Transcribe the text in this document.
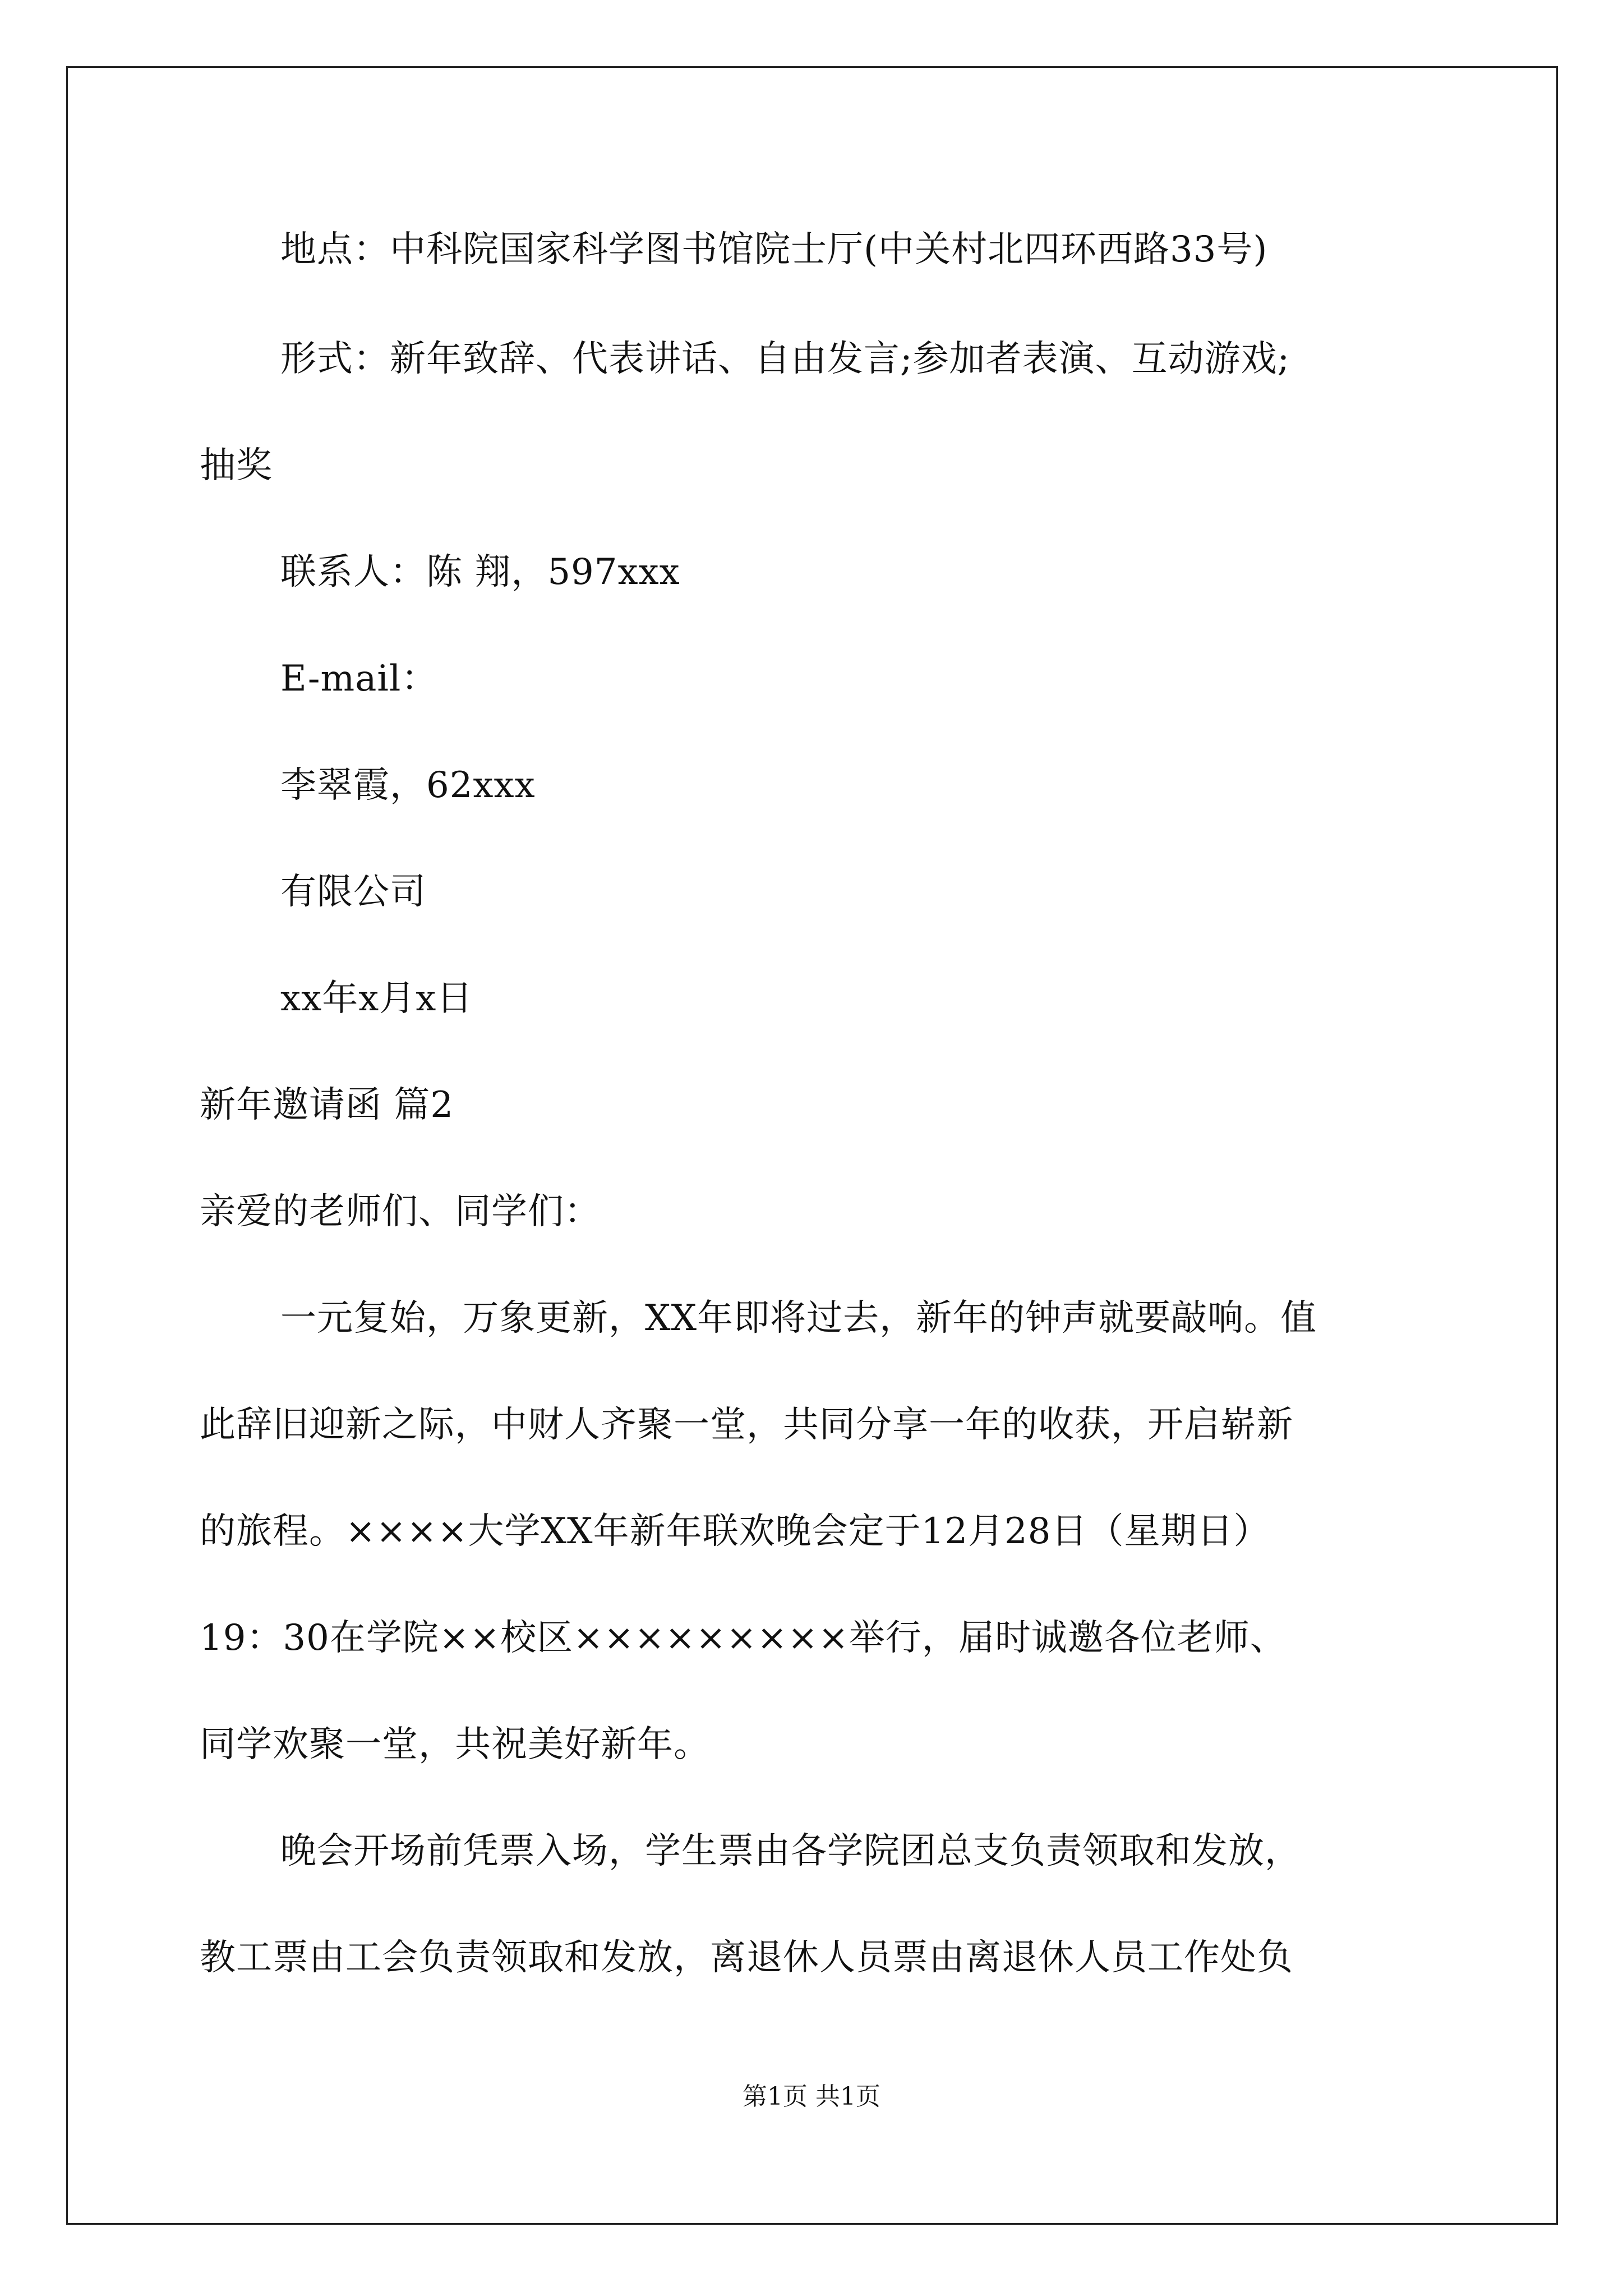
地点：中科院国家科学图书馆院士厅(中关村北四环西路33号)
形式：新年致辞、代表讲话、自由发言;参加者表演、互动游戏;
抽奖
联系人：陈 翔，597xxx
E-mail：
李翠霞，62xxx
有限公司
xx年x月x日
新年邀请函 篇2
亲爱的老师们、同学们：
一元复始，万象更新，XX年即将过去，新年的钟声就要敲响。值
此辞旧迎新之际，中财人齐聚一堂，共同分享一年的收获，开启崭新
的旅程。××××大学XX年新年联欢晚会定于12月28日（星期日）
19：30在学院××校区×××××××××举行，届时诚邀各位老师、
同学欢聚一堂，共祝美好新年。
晚会开场前凭票入场，学生票由各学院团总支负责领取和发放，
教工票由工会负责领取和发放，离退休人员票由离退休人员工作处负
第1页 共1页
